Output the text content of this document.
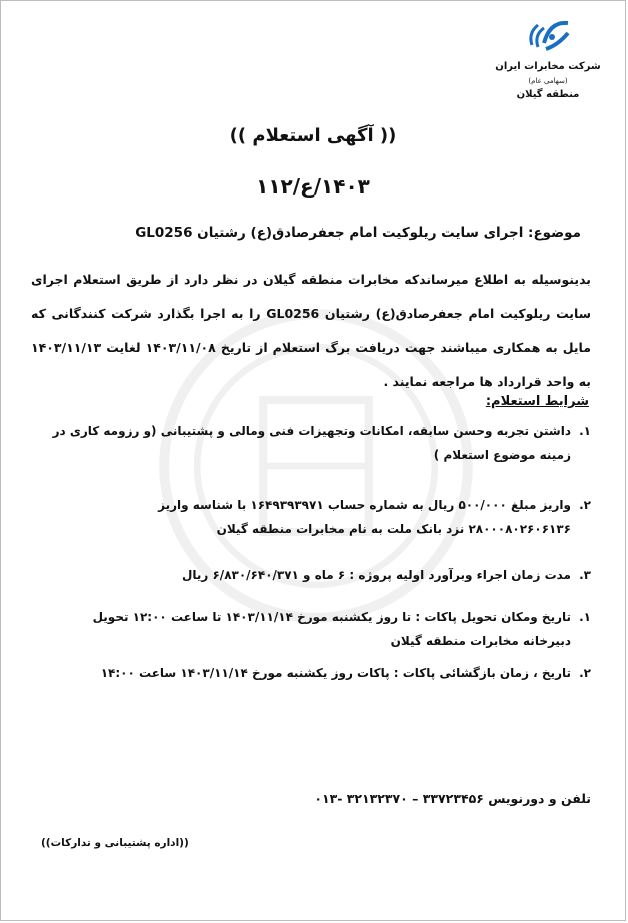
شرکت مخابرات ایران
(سهامی عام)
منطقه گیلان
(( آگهی استعلام ))
۱۴۰۳/ع/۱۱۲
موضوع: اجرای سایت ریلوکیت امام جعفرصادق(ع) رشتیان GL0256
بدینوسیله به اطلاع میرساندکه مخابرات منطقه گیلان در نظر دارد از طریق استعلام اجرای سایت ریلوکیت امام جعفرصادق(ع) رشتیان GL0256 را به اجرا بگذارد شرکت کنندگانی که مایل به همکاری میباشند جهت دریافت برگ استعلام از تاریخ ۱۴۰۳/۱۱/۰۸ لغایت ۱۴۰۳/۱۱/۱۳ به واحد قرارداد ها مراجعه نمایند .
شرایط استعلام:
۱.داشتن تجربه وحسن سابقه، امکانات وتجهیزات فنی ومالی و پشتیبانی (و رزومه کاری در
زمینه موضوع استعلام )
۲.واریز مبلغ ۵۰۰/۰۰۰ ریال به شماره حساب ۱۶۴۹۳۹۳۹۷۱ با شناسه واریز
۲۸۰۰۰۸۰۲۶۰۶۱۳۶ نزد بانک ملت به نام مخابرات منطقه گیلان
۳.مدت زمان اجراء وبرآورد اولیه پروژه : ۶ ماه و ۶/۸۳۰/۶۴۰/۳۷۱ ریال
۱.تاریخ ومکان تحویل پاکات : تا روز یکشنبه مورخ ۱۴۰۳/۱۱/۱۴ تا ساعت ۱۲:۰۰ تحویل
دبیرخانه مخابرات منطقه گیلان
۲.تاریخ ، زمان بازگشائی پاکات : پاکات روز یکشنبه مورخ ۱۴۰۳/۱۱/۱۴ ساعت ۱۴:۰۰
تلفن و دورنویس ۳۳۷۲۳۴۵۶ – ۳۲۱۳۲۳۷۰ -۰۱۳
((اداره پشتیبانی و تدارکات))
